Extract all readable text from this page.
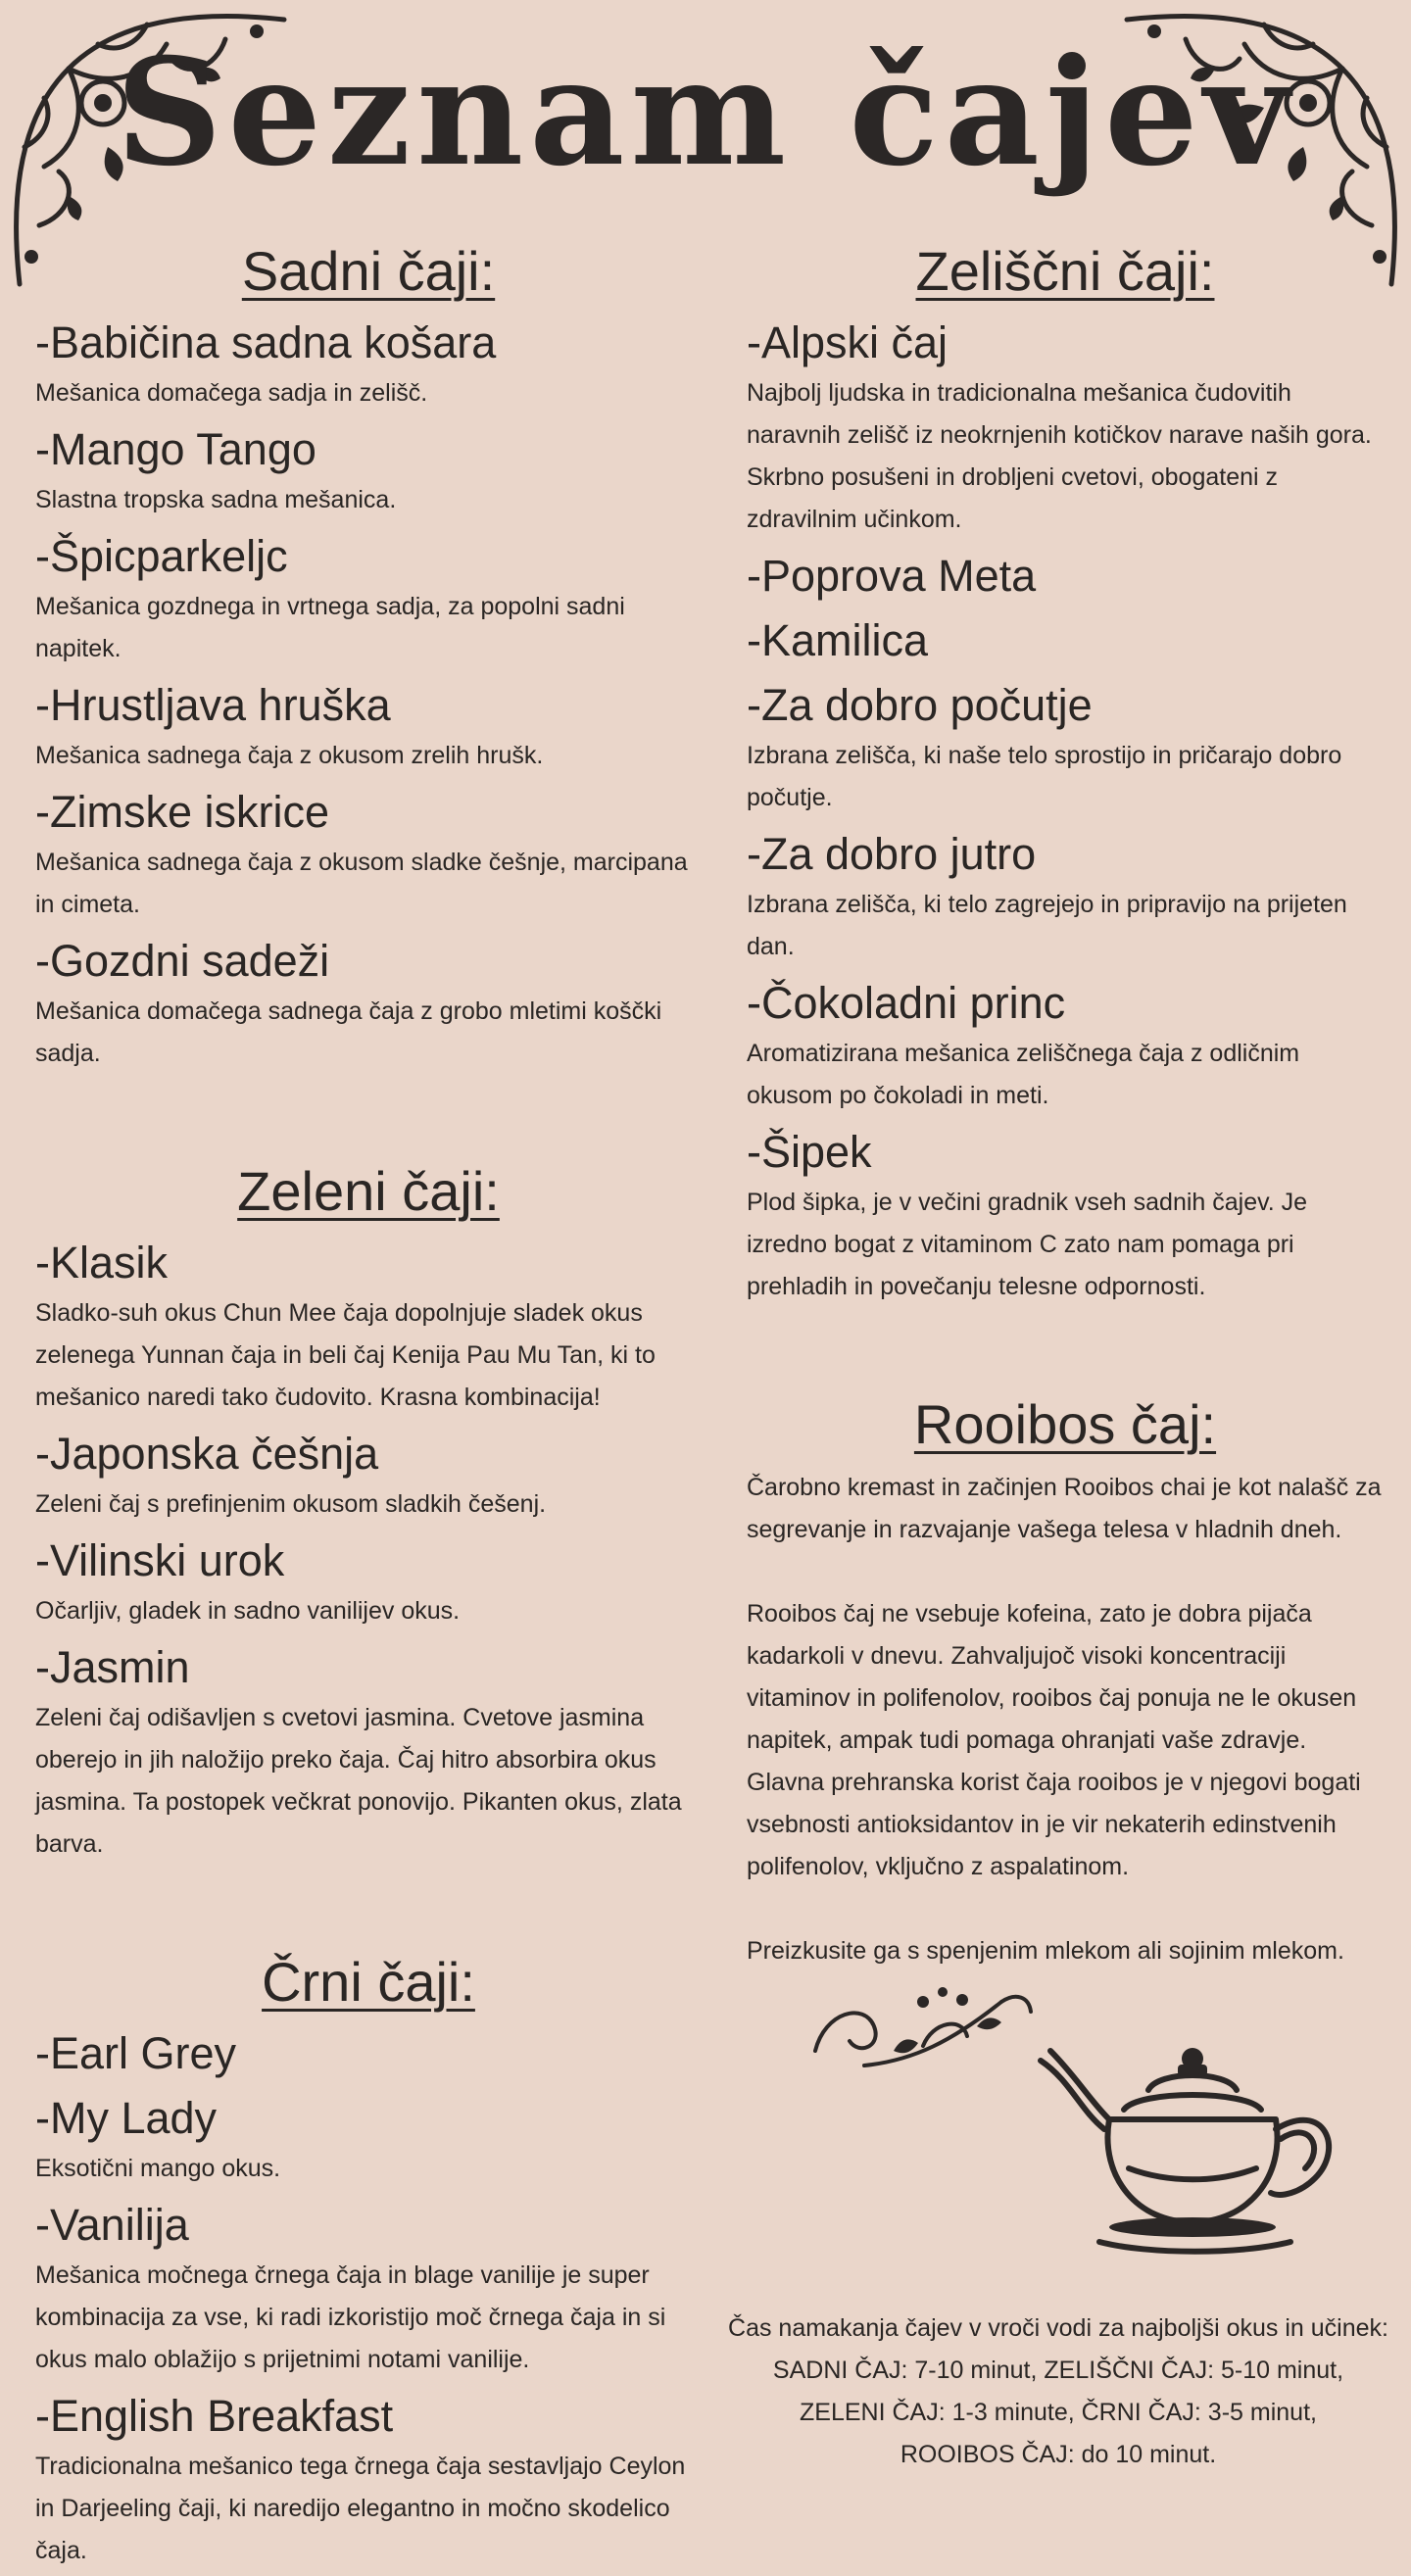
Seznam čajev
Sadni čaji:
-Babičina sadna košara
Mešanica domačega sadja in zelišč.
-Mango Tango
Slastna tropska sadna mešanica.
-Špicparkeljc
Mešanica gozdnega in vrtnega sadja, za popolni sadni napitek.
-Hrustljava hruška
Mešanica sadnega čaja z okusom zrelih hrušk.
-Zimske iskrice
Mešanica sadnega čaja z okusom sladke češnje, marcipana in cimeta.
-Gozdni sadeži
Mešanica domačega sadnega čaja z grobo mletimi koščki sadja.
Zeleni čaji:
-Klasik
Sladko-suh okus Chun Mee čaja dopolnjuje sladek okus zelenega Yunnan čaja in beli čaj Kenija Pau Mu Tan, ki to mešanico naredi tako čudovito. Krasna kombinacija!
-Japonska češnja
Zeleni čaj s prefinjenim okusom sladkih češenj.
-Vilinski urok
Očarljiv, gladek in sadno vanilijev okus.
-Jasmin
Zeleni čaj odišavljen s cvetovi jasmina. Cvetove jasmina oberejo in jih naložijo preko čaja. Čaj hitro absorbira okus jasmina. Ta postopek večkrat ponovijo. Pikanten okus, zlata barva.
Črni čaji:
-Earl Grey
-My Lady
Eksotični mango okus.
-Vanilija
Mešanica močnega črnega čaja in blage vanilije je super kombinacija za vse, ki radi izkoristijo moč črnega čaja in si okus malo oblažijo s prijetnimi notami vanilije.
-English Breakfast
Tradicionalna mešanico tega črnega čaja sestavljajo Ceylon in Darjeeling čaji, ki naredijo elegantno in močno skodelico čaja.
Zeliščni čaji:
-Alpski čaj
Najbolj ljudska in tradicionalna mešanica čudovitih naravnih zelišč iz neokrnjenih kotičkov narave naših gora. Skrbno posušeni in drobljeni cvetovi, obogateni z zdravilnim učinkom.
-Poprova Meta
-Kamilica
-Za dobro počutje
Izbrana zelišča, ki naše telo sprostijo in pričarajo dobro počutje.
-Za dobro jutro
Izbrana zelišča, ki telo zagrejejo in pripravijo na prijeten dan.
-Čokoladni princ
Aromatizirana mešanica zeliščnega čaja z odličnim okusom po čokoladi in meti.
-Šipek
Plod šipka, je v večini gradnik vseh sadnih čajev. Je izredno bogat z vitaminom C zato nam pomaga pri prehladih in povečanju telesne odpornosti.
Rooibos čaj:

Čarobno kremast in začinjen Rooibos chai je kot nalašč za segrevanje in razvajanje vašega telesa v hladnih dneh.

Rooibos čaj ne vsebuje kofeina, zato je dobra pijača kadarkoli v dnevu. Zahvaljujoč visoki koncentraciji vitaminov in polifenolov, rooibos čaj ponuja ne le okusen napitek, ampak tudi pomaga ohranjati vaše zdravje. Glavna prehranska korist čaja rooibos je v njegovi bogati vsebnosti antioksidantov in je vir nekaterih edinstvenih polifenolov, vključno z aspalatinom.

Preizkusite ga s spenjenim mlekom ali sojinim mlekom.

Čas namakanja čajev v vroči vodi za najboljši okus in učinek:
SADNI ČAJ: 7-10 minut, ZELIŠČNI ČAJ: 5-10 minut,
ZELENI ČAJ: 1-3 minute, ČRNI ČAJ: 3-5 minut,
ROOIBOS ČAJ: do 10 minut.
